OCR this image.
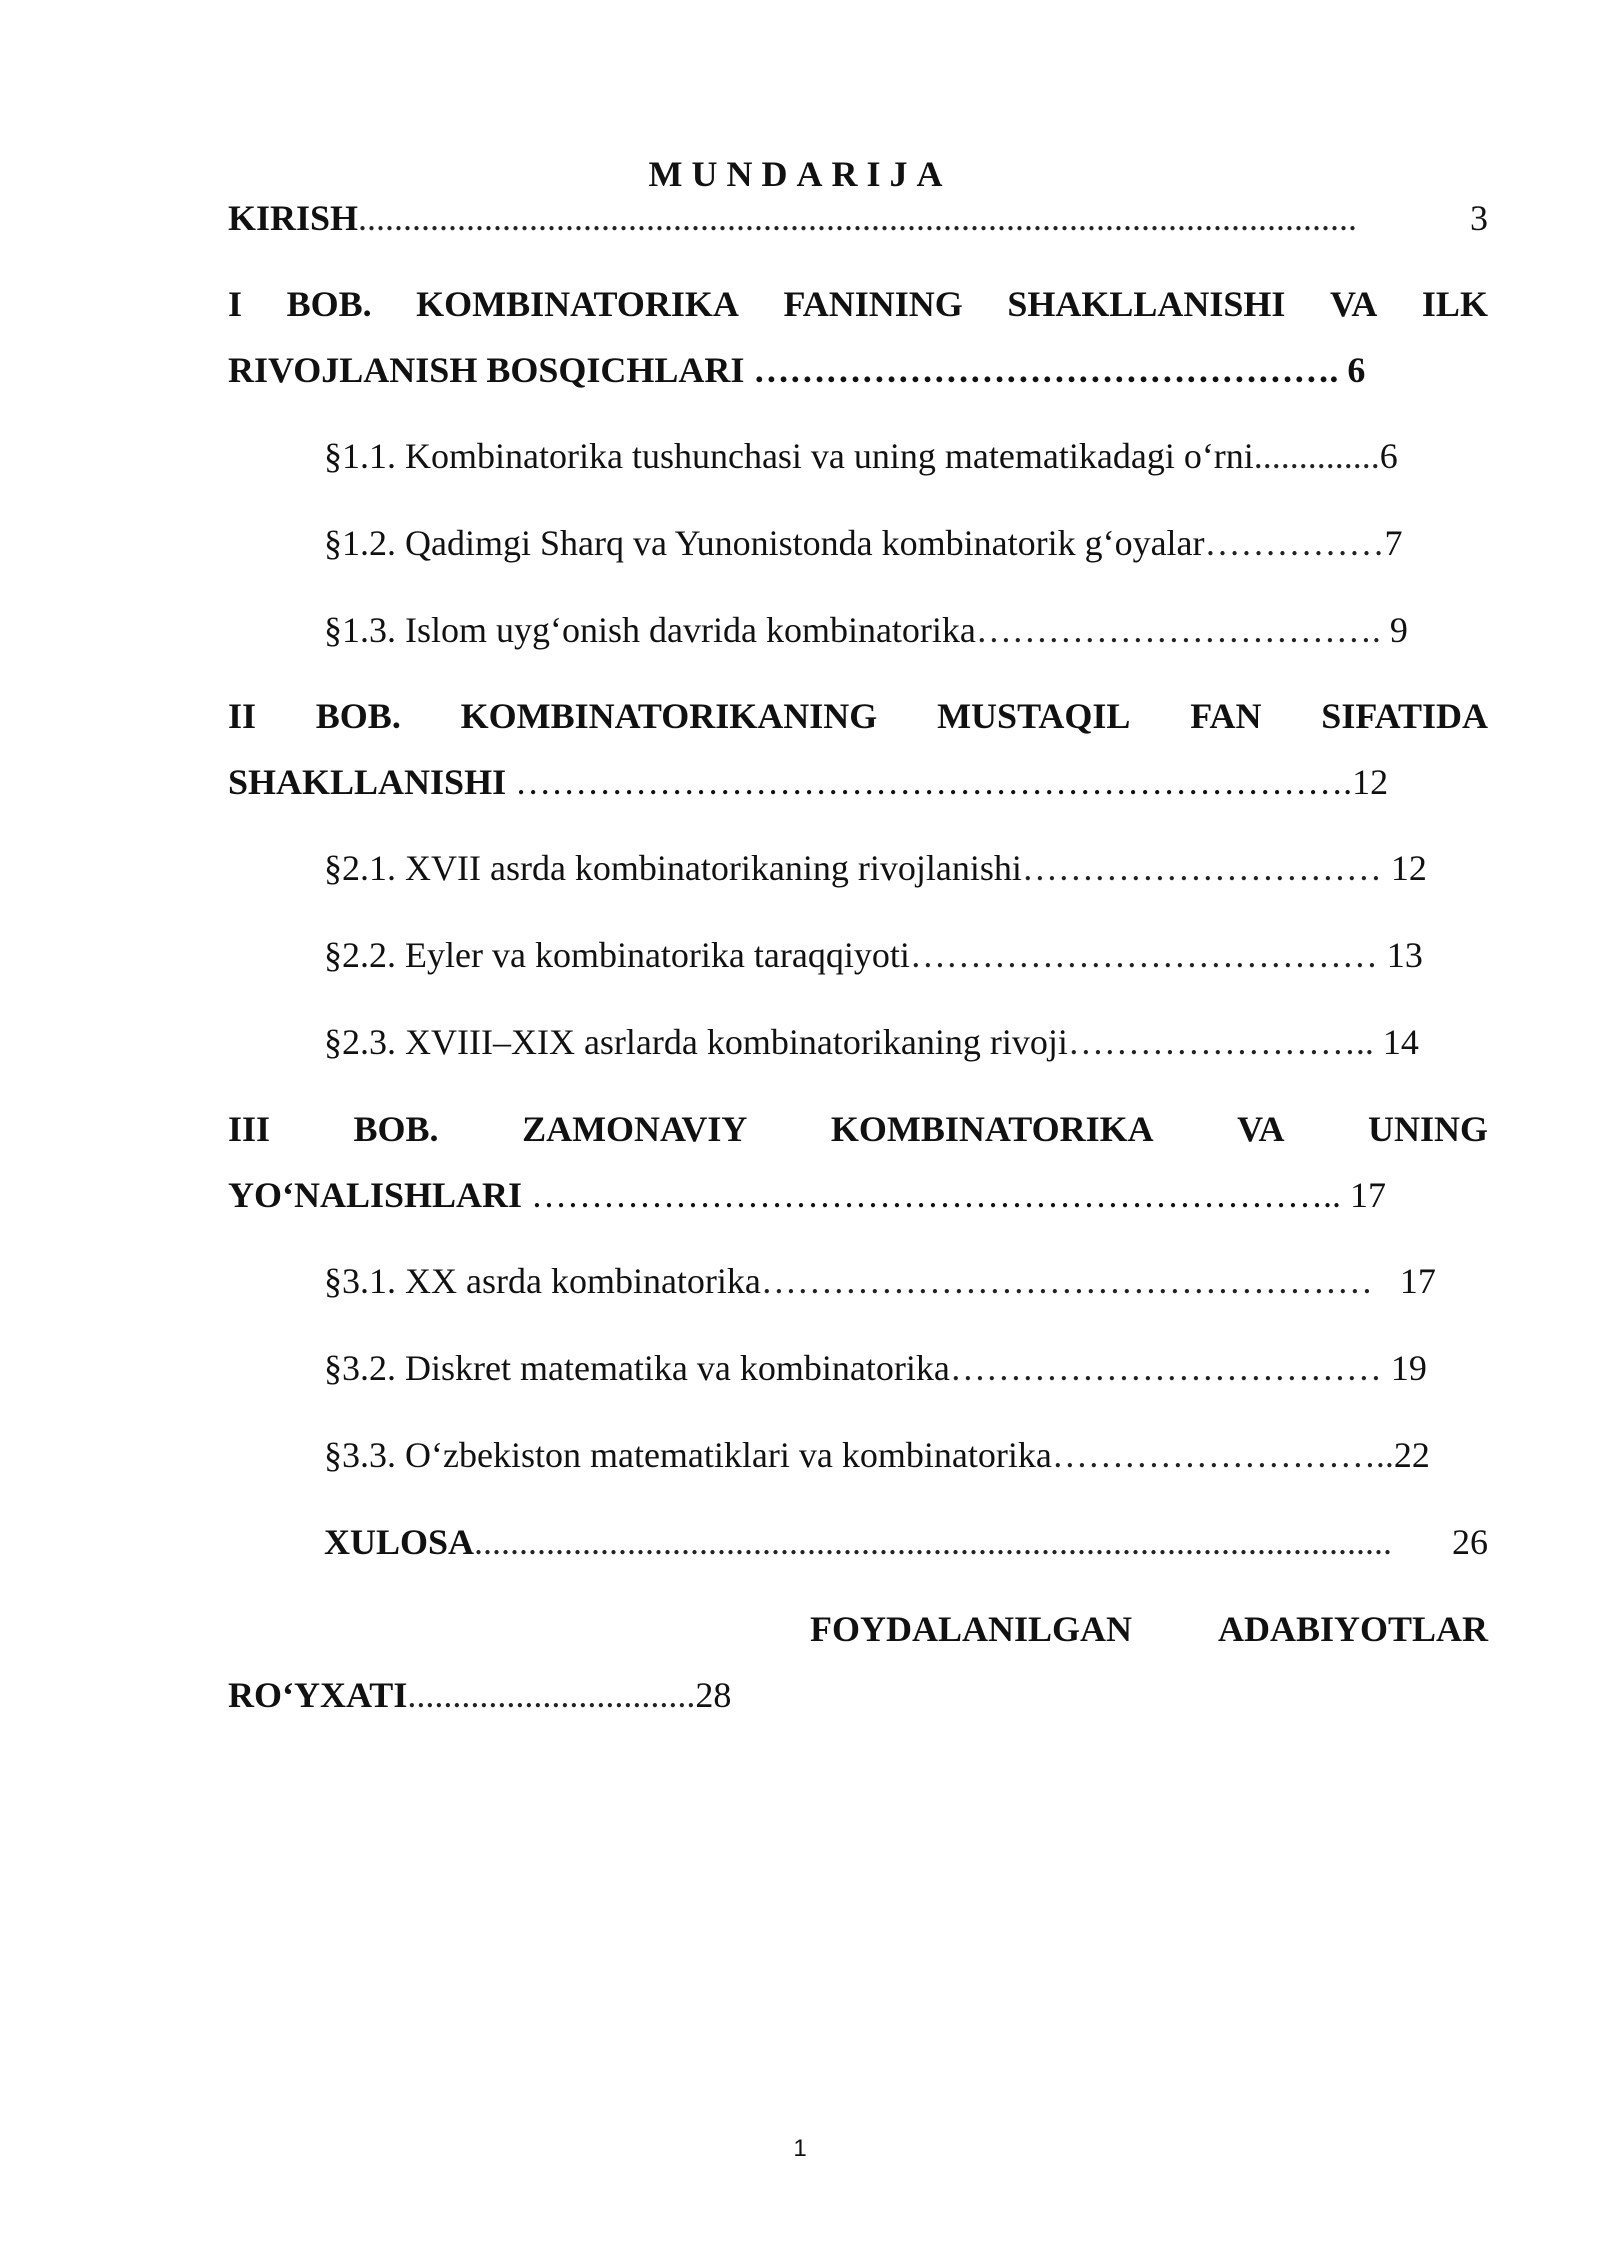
MUNDARIJA
KIRISH...............................................................................................................	3
I BOB. KOMBINATORIKA FANINING SHAKLLANISHI VA ILK
RIVOJLANISH BOSQICHLARI …………………………………………. 6
§1.1. Kombinatorika tushunchasi va uning matematikadagi o‘rni..............6
§1.2. Qadimgi Sharq va Yunonistonda kombinatorik g‘oyalar……………7
§1.3. Islom uyg‘onish davrida kombinatorika……………………………. 9
II BOB. KOMBINATORIKANING MUSTAQIL FAN SIFATIDA
SHAKLLANISHI …………………………………………………………….12
§2.1. XVII asrda kombinatorikaning rivojlanishi………………………… 12
§2.2. Eyler va kombinatorika taraqqiyoti………………………………… 13
§2.3. XVIII–XIX asrlarda kombinatorikaning rivoji…………………….. 14
III BOB. ZAMONAVIY KOMBINATORIKA VA UNING
YO‘NALISHLARI ………………………………………………………….. 17
§3.1. XX asrda kombinatorika……………………………………………   17
§3.2. Diskret matematika va kombinatorika……………………………… 19
§3.3. O‘zbekiston matematiklari va kombinatorika………………………..22
XULOSA...................................................................................................... 26
FOYDALANILGAN ADABIYOTLAR
RO‘YXATI................................28
1
